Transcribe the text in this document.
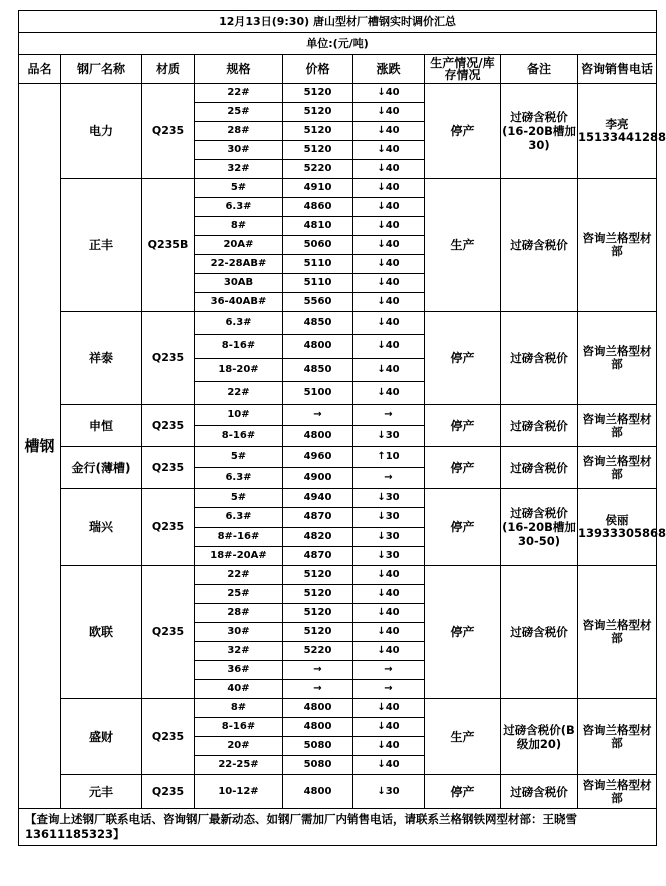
12月13日(9:30) 唐山型材厂槽钢实时调价汇总								
单位:(元/吨)								
品名	钢厂名称	材质	规格	价格	涨跌	生产情况/库存情况	备注	咨询销售电话
槽钢	电力	Q235	22#	5120	↓40	停产	过磅含税价(16-20B槽加30)	李亮
15133441288
			25#	5120	↓40			
			28#	5120	↓40			
			30#	5120	↓40			
			32#	5220	↓40			
	正丰	Q235B	5#	4910	↓40	生产	过磅含税价	咨询兰格型材部
			6.3#	4860	↓40			
			8#	4810	↓40			
			20A#	5060	↓40			
			22-28AB#	5110	↓40			
			30AB	5110	↓40			
			36-40AB#	5560	↓40			
	祥泰	Q235	6.3#	4850	↓40	停产	过磅含税价	咨询兰格型材部
			8-16#	4800	↓40			
			18-20#	4850	↓40			
			22#	5100	↓40			
	申恒	Q235	10#	→	→	停产	过磅含税价	咨询兰格型材部
			8-16#	4800	↓30			
	金行(薄槽)	Q235	5#	4960	↑10	停产	过磅含税价	咨询兰格型材部
			6.3#	4900	→			
	瑞兴	Q235	5#	4940	↓30	停产	过磅含税价(16-20B槽加30-50)	侯丽
13933305868
			6.3#	4870	↓30			
			8#-16#	4820	↓30			
			18#-20A#	4870	↓30			
	欧联	Q235	22#	5120	↓40	停产	过磅含税价	咨询兰格型材部
			25#	5120	↓40			
			28#	5120	↓40			
			30#	5120	↓40			
			32#	5220	↓40			
			36#	→	→			
			40#	→	→			
	盛财	Q235	8#	4800	↓40	生产	过磅含税价(B级加20)	咨询兰格型材部
			8-16#	4800	↓40			
			20#	5080	↓40			
			22-25#	5080	↓40			
	元丰	Q235	10-12#	4800	↓30	停产	过磅含税价	咨询兰格型材部
【查询上述钢厂联系电话、咨询钢厂最新动态、如钢厂需加厂内销售电话，请联系兰格钢铁网型材部：王晓雪13611185323】								
